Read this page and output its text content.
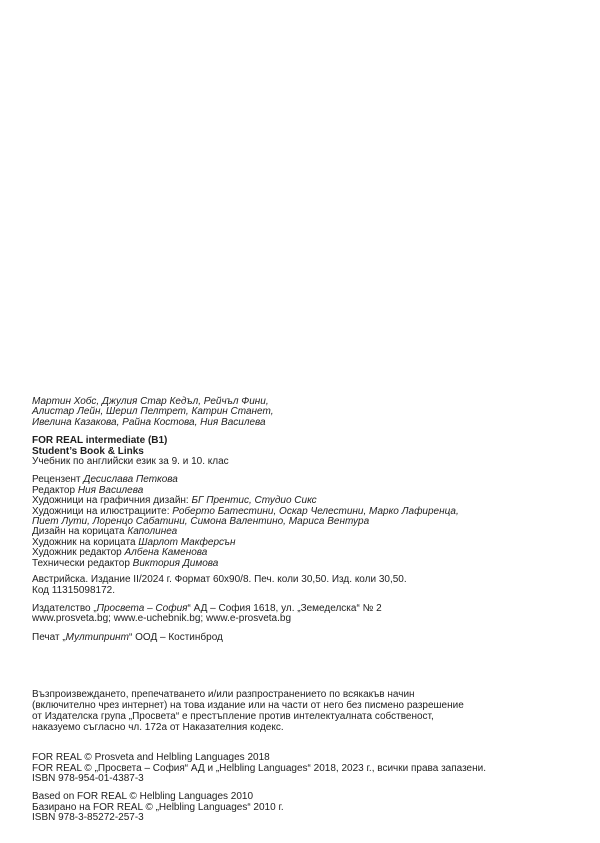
Мартин Хобс, Джулия Стар Кедъл, Рейчъл Фини,

Алистар Лейн, Шерил Пелтрет, Катрин Станет,

Ивелина Казакова, Райна Костова, Ния Василева

FOR REAL intermediate (B1)

Student’s Book & Links

Учебник по английски език за 9. и 10. клас

Рецензент Десислава Петкова

Редактор Ния Василева

Художници на графичния дизайн: БГ Прентис, Студио Сикс

Художници на илюстрациите: Роберто Батестини, Оскар Челестини, Марко Лафиренца,

Пиет Лути, Лоренцо Сабатини, Симона Валентино, Мариса Вентура

Дизайн на корицата Каполинеа

Художник на корицата Шарлот Макферсън

Художник редактор Албена Каменова

Технически редактор Виктория Димова

Австрийска. Издание II/2024 г. Формат 60х90/8. Печ. коли 30,50. Изд. коли 30,50.

Код 11315098172.

Издателство „Просвета – София“ АД – София 1618, ул. „Земеделска“ № 2

www.prosveta.bg; www.e-uchebnik.bg; www.e-prosveta.bg

Печат „Мултипринт“ ООД – Костинброд

Възпроизвеждането, препечатването и/или разпространението по всякакъв начин

(включително чрез интернет) на това издание или на части от него без писмено разрешение

от Издателска група „Просвета“ е престъпление против интелектуалната собственост,

наказуемо съгласно чл. 172а от Наказателния кодекс.

FOR REAL © Prosveta and Helbling Languages 2018

FOR REAL © „Просвета – София“ АД и „Helbling Languages“ 2018, 2023 г., всички права запазени.

ISBN 978-954-01-4387-3

Based on FOR REAL © Helbling Languages 2010

Базирано на FOR REAL © „Helbling Languages“ 2010 г.

ISBN 978-3-85272-257-3
